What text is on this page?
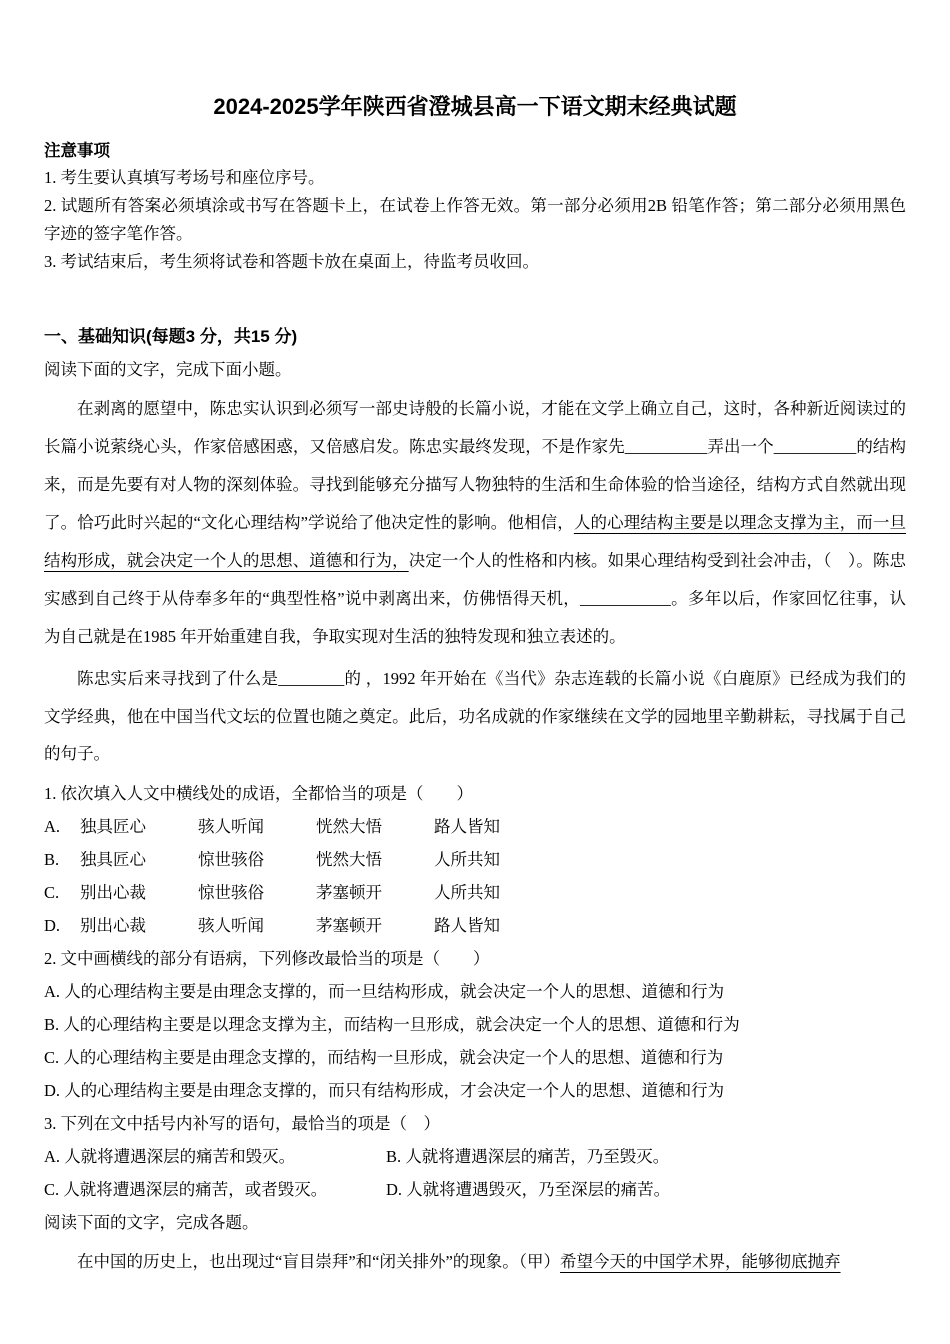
2024-2025学年陕西省澄城县高一下语文期末经典试题
注意事项
1. 考生要认真填写考场号和座位序号。
2. 试题所有答案必须填涂或书写在答题卡上，在试卷上作答无效。第一部分必须用2B 铅笔作答；第二部分必须用黑色字迹的签字笔作答。
3. 考试结束后，考生须将试卷和答题卡放在桌面上，待监考员收回。
一、基础知识(每题3 分，共15 分)
阅读下面的文字，完成下面小题。

在剥离的愿望中，陈忠实认识到必须写一部史诗般的长篇小说，才能在文学上确立自己，这时，各种新近阅读过的长篇小说萦绕心头，作家倍感困惑，又倍感启发。陈忠实最终发现，不是作家先__________弄出一个__________的结构来，而是先要有对人物的深刻体验。寻找到能够充分描写人物独特的生活和生命体验的恰当途径，结构方式自然就出现了。恰巧此时兴起的“文化心理结构”学说给了他决定性的影响。他相信，人的心理结构主要是以理念支撑为主，而一旦结构形成，就会决定一个人的思想、道德和行为，决定一个人的性格和内核。如果心理结构受到社会冲击，（　）。陈忠实感到自己终于从侍奉多年的“典型性格”说中剥离出来，仿佛悟得天机，___________。多年以后，作家回忆往事，认为自己就是在1985 年开始重建自我，争取实现对生活的独特发现和独立表述的。

陈忠实后来寻找到了什么是________的 ，1992 年开始在《当代》杂志连载的长篇小说《白鹿原》已经成为我们的文学经典，他在中国当代文坛的位置也随之奠定。此后，功名成就的作家继续在文学的园地里辛勤耕耘，寻找属于自己的句子。

1. 依次填入人文中横线处的成语，全都恰当的项是（　　）
A.	独具匠心	骇人听闻	恍然大悟	路人皆知
B.	独具匠心	惊世骇俗	恍然大悟	人所共知
C.	别出心裁	惊世骇俗	茅塞顿开	人所共知
D.	别出心裁	骇人听闻	茅塞顿开	路人皆知
2. 文中画横线的部分有语病，下列修改最恰当的项是（　　）
A. 人的心理结构主要是由理念支撑的，而一旦结构形成，就会决定一个人的思想、道德和行为
B. 人的心理结构主要是以理念支撑为主，而结构一旦形成，就会决定一个人的思想、道德和行为
C. 人的心理结构主要是由理念支撑的，而结构一旦形成，就会决定一个人的思想、道德和行为
D. 人的心理结构主要是由理念支撑的，而只有结构形成，才会决定一个人的思想、道德和行为
3. 下列在文中括号内补写的语句，最恰当的项是（　）
A. 人就将遭遇深层的痛苦和毁灭。	B. 人就将遭遇深层的痛苦，乃至毁灭。
C. 人就将遭遇深层的痛苦，或者毁灭。	D. 人就将遭遇毁灭，乃至深层的痛苦。
阅读下面的文字，完成各题。

在中国的历史上，也出现过“盲目崇拜”和“闭关排外”的现象。（甲）希望今天的中国学术界，能够彻底抛弃
